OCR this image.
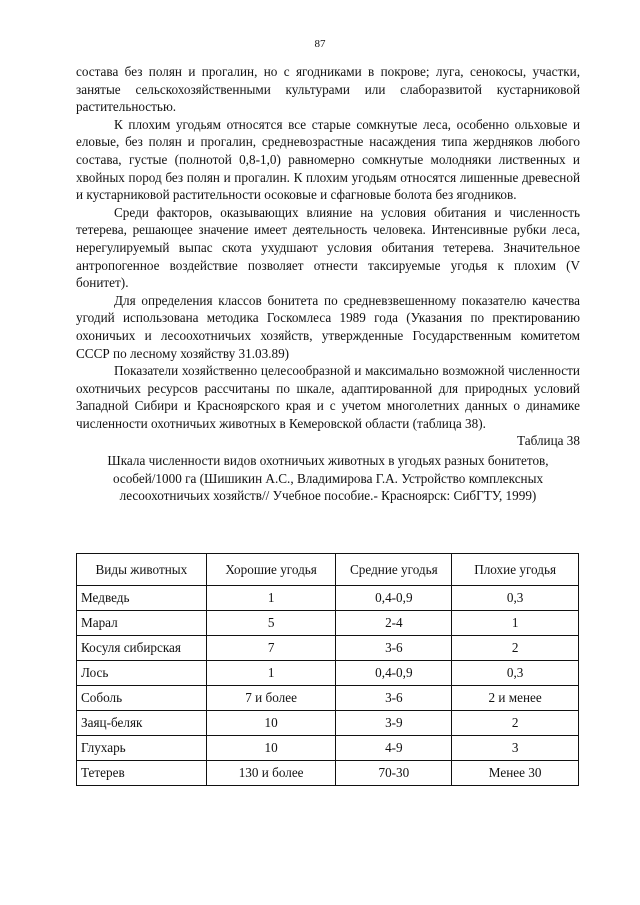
87

состава без полян и прогалин, но с ягодниками в покрове; луга, сенокосы, участки, занятые сельскохозяйственными культурами или слаборазвитой кустарниковой растительностью.

К плохим угодьям относятся все старые сомкнутые леса, особенно ольховые и еловые, без полян и прогалин, средневозрастные насаждения типа жердняков любого состава, густые (полнотой 0,8-1,0) равномерно сомкнутые молодняки лиственных и хвойных пород без полян и прогалин. К плохим угодьям относятся лишенные древесной и кустарниковой растительности осоковые и сфагновые болота без ягодников.

Среди факторов, оказывающих влияние на условия обитания и численность тетерева, решающее значение имеет деятельность человека. Интенсивные рубки леса, нерегулируемый выпас скота ухудшают условия обитания тетерева. Значительное антропогенное воздействие позволяет отнести таксируемые угодья к плохим (V бонитет).

Для определения классов бонитета по средневзвешенному показателю качества угодий использована методика Госкомлеса 1989 года (Указания по пректированию охоничьих и лесоохотничьих хозяйств, утвержденные Государственным комитетом СССР по лесному хозяйству 31.03.89)

Показатели хозяйственно целесообразной и максимально возможной численности охотничьих ресурсов рассчитаны по шкале, адаптированной для природных условий Западной Сибири и Красноярского края и с учетом многолетних данных о динамике численности охотничьих животных в Кемеровской области (таблица 38).

Таблица 38
Шкала численности видов охотничьих животных в угодьях разных бонитетов, особей/1000 га (Шишикин А.С., Владимирова Г.А. Устройство комплексных лесоохотничьих хозяйств// Учебное пособие.- Красноярск: СибГТУ, 1999)
Виды животных	Хорошие угодья	Средние угодья	Плохие угодья
Медведь	1	0,4-0,9	0,3
Марал	5	2-4	1
Косуля сибирская	7	3-6	2
Лось	1	0,4-0,9	0,3
Соболь	7 и более	3-6	2 и менее
Заяц-беляк	10	3-9	2
Глухарь	10	4-9	3
Тетерев	130 и более	70-30	Менее 30
